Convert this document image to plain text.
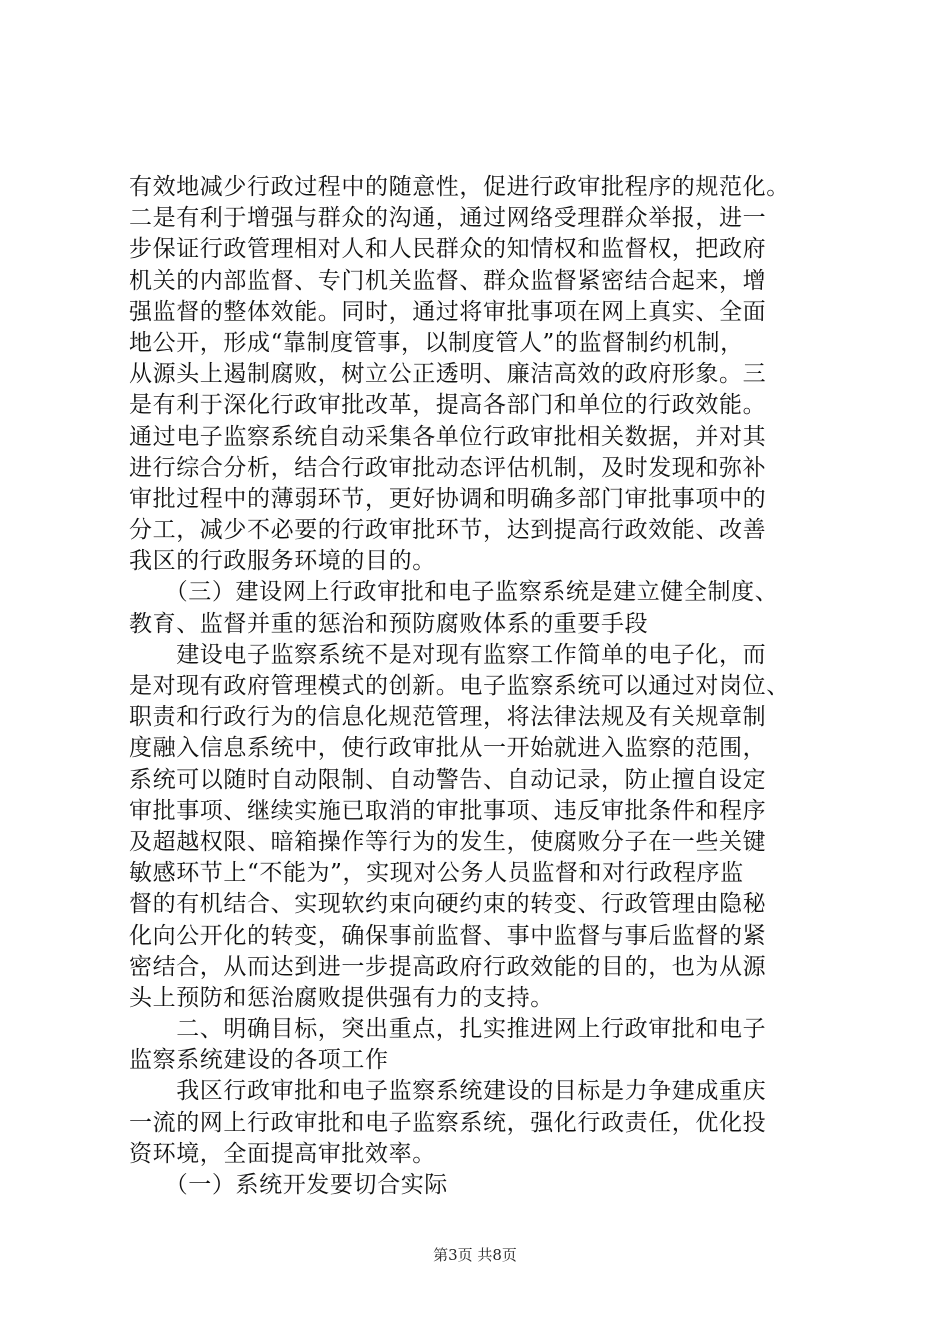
有效地减少行政过程中的随意性，促进行政审批程序的规范化。
二是有利于增强与群众的沟通，通过网络受理群众举报，进一
步保证行政管理相对人和人民群众的知情权和监督权，把政府
机关的内部监督、专门机关监督、群众监督紧密结合起来，增
强监督的整体效能。同时，通过将审批事项在网上真实、全面
地公开，形成“靠制度管事，以制度管人”的监督制约机制，
从源头上遏制腐败，树立公正透明、廉洁高效的政府形象。三
是有利于深化行政审批改革，提高各部门和单位的行政效能。
通过电子监察系统自动采集各单位行政审批相关数据，并对其
进行综合分析，结合行政审批动态评估机制，及时发现和弥补
审批过程中的薄弱环节，更好协调和明确多部门审批事项中的
分工，减少不必要的行政审批环节，达到提高行政效能、改善
我区的行政服务环境的目的。
　　（三）建设网上行政审批和电子监察系统是建立健全制度、
教育、监督并重的惩治和预防腐败体系的重要手段
　　建设电子监察系统不是对现有监察工作简单的电子化，而
是对现有政府管理模式的创新。电子监察系统可以通过对岗位、
职责和行政行为的信息化规范管理，将法律法规及有关规章制
度融入信息系统中，使行政审批从一开始就进入监察的范围，
系统可以随时自动限制、自动警告、自动记录，防止擅自设定
审批事项、继续实施已取消的审批事项、违反审批条件和程序
及超越权限、暗箱操作等行为的发生，使腐败分子在一些关键
敏感环节上“不能为”，实现对公务人员监督和对行政程序监
督的有机结合、实现软约束向硬约束的转变、行政管理由隐秘
化向公开化的转变，确保事前监督、事中监督与事后监督的紧
密结合，从而达到进一步提高政府行政效能的目的，也为从源
头上预防和惩治腐败提供强有力的支持。
　　二、明确目标，突出重点，扎实推进网上行政审批和电子
监察系统建设的各项工作
　　我区行政审批和电子监察系统建设的目标是力争建成重庆
一流的网上行政审批和电子监察系统，强化行政责任，优化投
资环境，全面提高审批效率。
　　（一）系统开发要切合实际
第3页 共8页
